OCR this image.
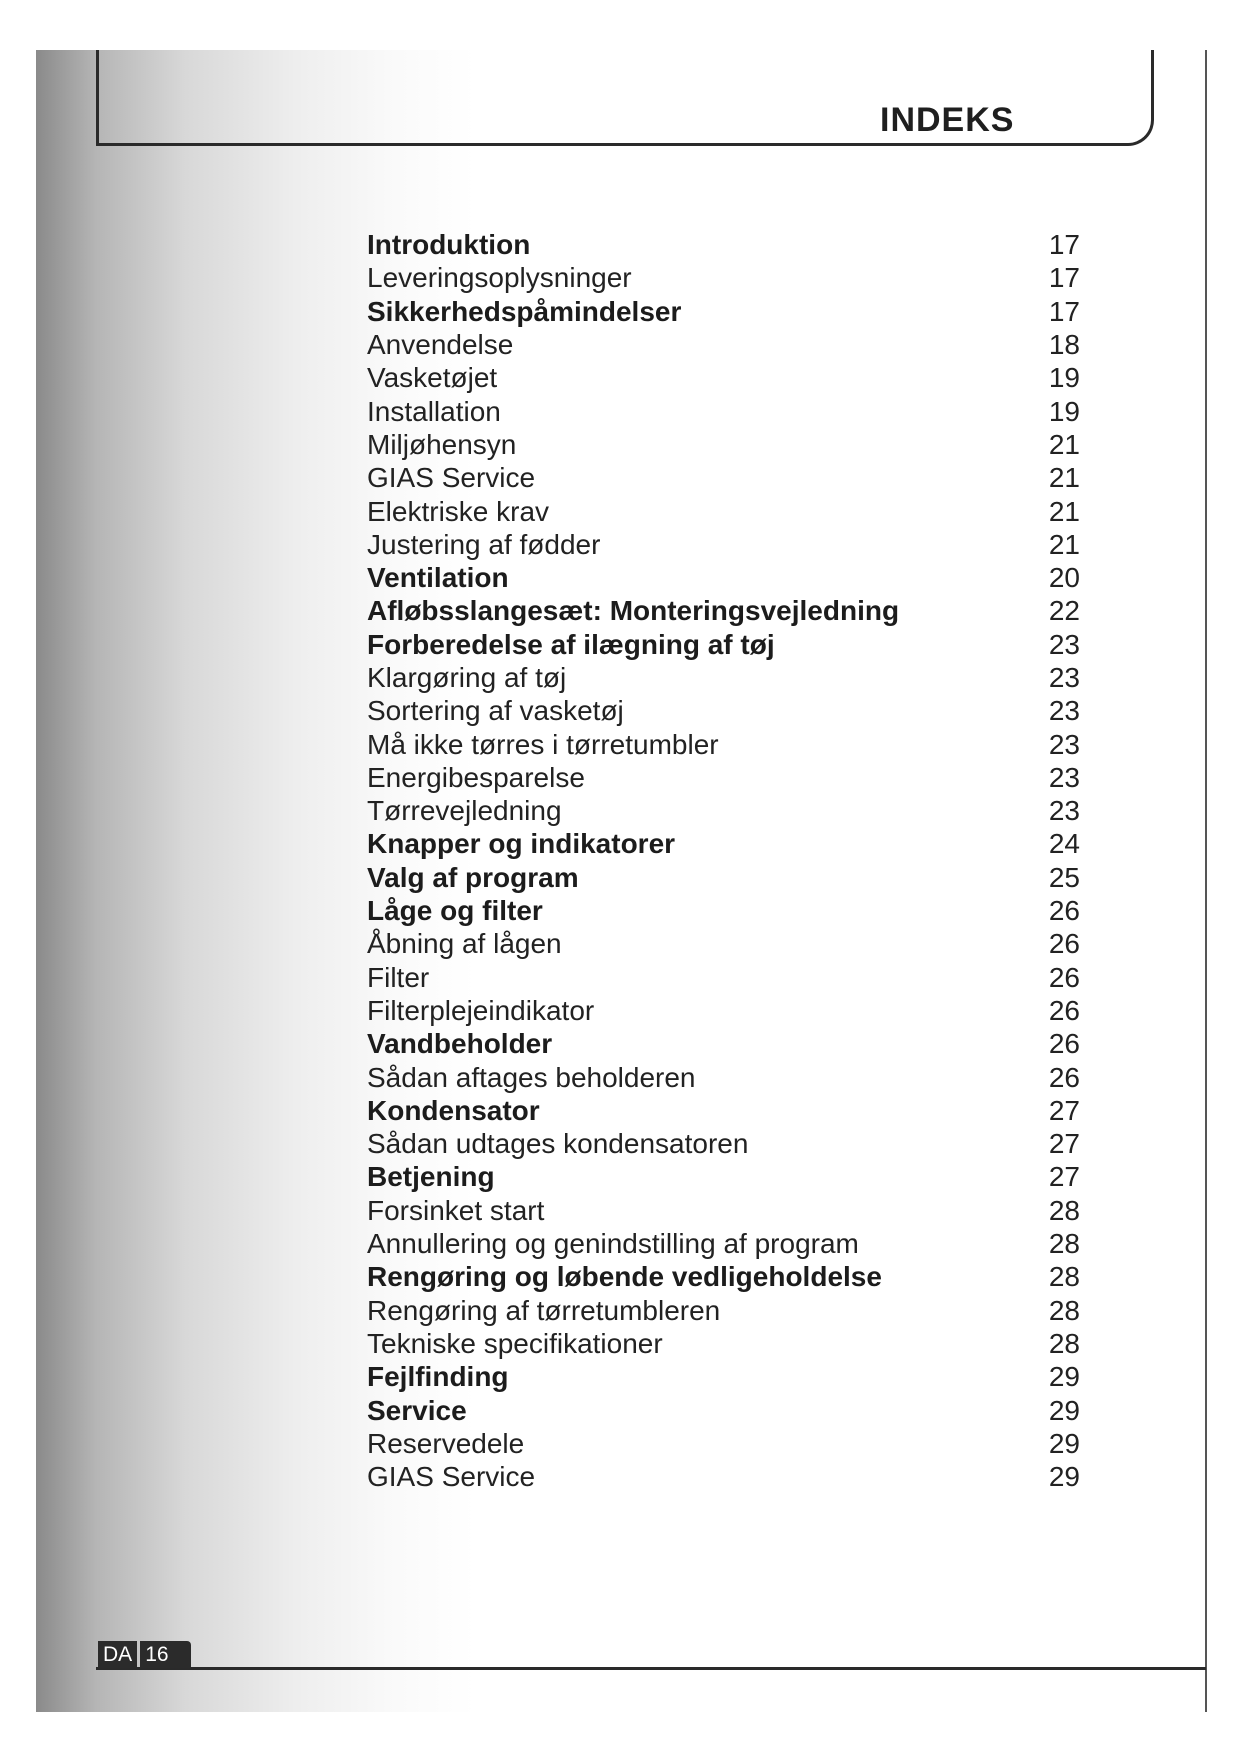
INDEKS
Introduktion	17
Leveringsoplysninger	17
Sikkerhedspåmindelser	17
Anvendelse	18
Vasketøjet	19
Installation	19
Miljøhensyn	21
GIAS Service	21
Elektriske krav	21
Justering af fødder	21
Ventilation	20
Afløbsslangesæt: Monteringsvejledning	22
Forberedelse af ilægning af tøj	23
Klargøring af tøj	23
Sortering af vasketøj	23
Må ikke tørres i tørretumbler	23
Energibesparelse	23
Tørrevejledning	23
Knapper og indikatorer	24
Valg af program	25
Låge og filter	26
Åbning af lågen	26
Filter	26
Filterplejeindikator	26
Vandbeholder	26
Sådan aftages beholderen	26
Kondensator	27
Sådan udtages kondensatoren	27
Betjening	27
Forsinket start	28
Annullering og genindstilling af program	28
Rengøring og løbende vedligeholdelse	28
Rengøring af tørretumbleren	28
Tekniske specifikationer	28
Fejlfinding	29
Service	29
Reservedele	29
GIAS Service	29
DA 16
